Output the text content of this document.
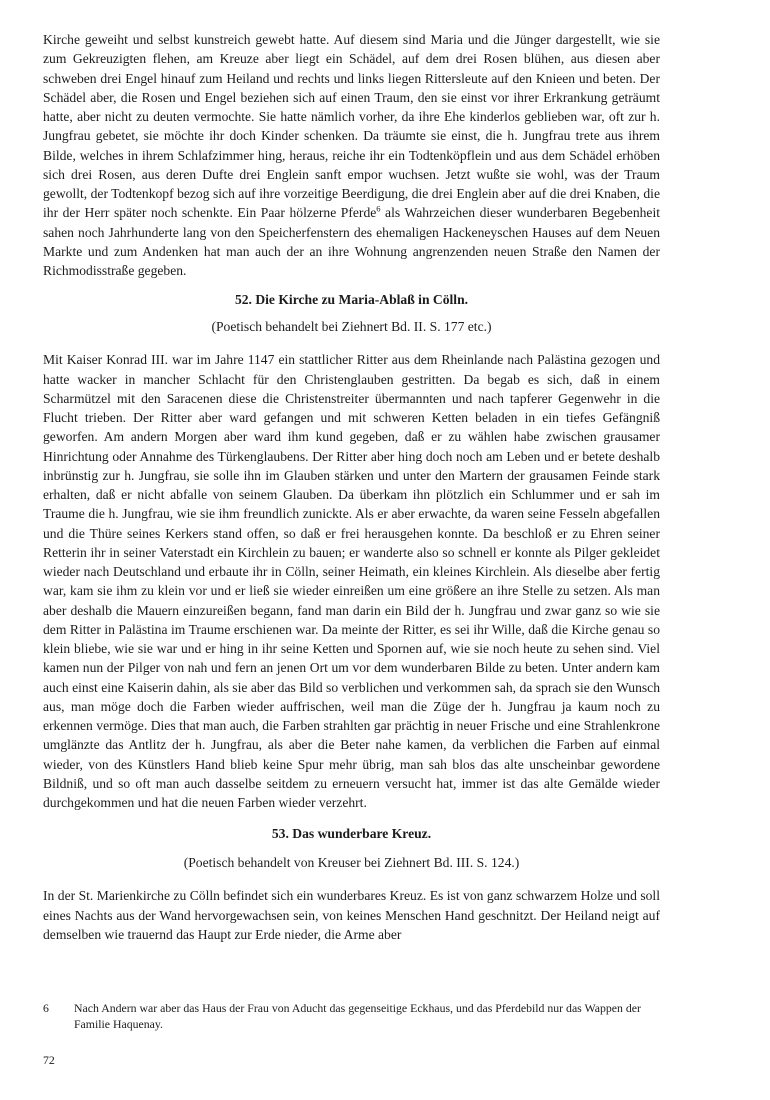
Kirche geweiht und selbst kunstreich gewebt hatte. Auf diesem sind Maria und die Jünger dargestellt, wie sie zum Gekreuzigten flehen, am Kreuze aber liegt ein Schädel, auf dem drei Rosen blühen, aus diesen aber schweben drei Engel hinauf zum Heiland und rechts und links liegen Rittersleute auf den Knieen und beten. Der Schädel aber, die Rosen und Engel beziehen sich auf einen Traum, den sie einst vor ihrer Erkrankung geträumt hatte, aber nicht zu deuten vermochte. Sie hatte nämlich vorher, da ihre Ehe kinderlos geblieben war, oft zur h. Jungfrau gebetet, sie möchte ihr doch Kinder schenken. Da träumte sie einst, die h. Jungfrau trete aus ihrem Bilde, welches in ihrem Schlafzimmer hing, heraus, reiche ihr ein Todtenköpflein und aus dem Schädel erhöben sich drei Rosen, aus deren Dufte drei Englein sanft empor wuchsen. Jetzt wußte sie wohl, was der Traum gewollt, der Todtenkopf bezog sich auf ihre vorzeitige Beerdigung, die drei Englein aber auf die drei Knaben, die ihr der Herr später noch schenkte. Ein Paar hölzerne Pferde$^6$ als Wahrzeichen dieser wunderbaren Begebenheit sahen noch Jahrhunderte lang von den Speicherfenstern des ehemaligen Hackeneyschen Hauses auf dem Neuen Markte und zum Andenken hat man auch der an ihre Wohnung angrenzenden neuen Straße den Namen der Richmodisstraße gegeben.

52. Die Kirche zu Maria-Ablaß in Cölln.

(Poetisch behandelt bei Ziehnert Bd. II. S. 177 etc.)

Mit Kaiser Konrad III. war im Jahre 1147 ein stattlicher Ritter aus dem Rheinlande nach Palästina gezogen und hatte wacker in mancher Schlacht für den Christenglauben gestritten. Da begab es sich, daß in einem Scharmützel mit den Saracenen diese die Christenstreiter übermannten und nach tapferer Gegenwehr in die Flucht trieben. Der Ritter aber ward gefangen und mit schweren Ketten beladen in ein tiefes Gefängniß geworfen. Am andern Morgen aber ward ihm kund gegeben, daß er zu wählen habe zwischen grausamer Hinrichtung oder Annahme des Türkenglaubens. Der Ritter aber hing doch noch am Leben und er betete deshalb inbrünstig zur h. Jungfrau, sie solle ihn im Glauben stärken und unter den Martern der grausamen Feinde stark erhalten, daß er nicht abfalle von seinem Glauben. Da überkam ihn plötzlich ein Schlummer und er sah im Traume die h. Jungfrau, wie sie ihm freundlich zunickte. Als er aber erwachte, da waren seine Fesseln abgefallen und die Thüre seines Kerkers stand offen, so daß er frei herausgehen konnte. Da beschloß er zu Ehren seiner Retterin ihr in seiner Vaterstadt ein Kirchlein zu bauen; er wanderte also so schnell er konnte als Pilger gekleidet wieder nach Deutschland und erbaute ihr in Cölln, seiner Heimath, ein kleines Kirchlein. Als dieselbe aber fertig war, kam sie ihm zu klein vor und er ließ sie wieder einreißen um eine größere an ihre Stelle zu setzen. Als man aber deshalb die Mauern einzureißen begann, fand man darin ein Bild der h. Jungfrau und zwar ganz so wie sie dem Ritter in Palästina im Traume erschienen war. Da meinte der Ritter, es sei ihr Wille, daß die Kirche genau so klein bliebe, wie sie war und er hing in ihr seine Ketten und Spornen auf, wie sie noch heute zu sehen sind. Viel kamen nun der Pilger von nah und fern an jenen Ort um vor dem wunderbaren Bilde zu beten. Unter andern kam auch einst eine Kaiserin dahin, als sie aber das Bild so verblichen und verkommen sah, da sprach sie den Wunsch aus, man möge doch die Farben wieder auffrischen, weil man die Züge der h. Jungfrau ja kaum noch zu erkennen vermöge. Dies that man auch, die Farben strahlten gar prächtig in neuer Frische und eine Strahlenkrone umglänzte das Antlitz der h. Jungfrau, als aber die Beter nahe kamen, da verblichen die Farben auf einmal wieder, von des Künstlers Hand blieb keine Spur mehr übrig, man sah blos das alte unscheinbar gewordene Bildniß, und so oft man auch dasselbe seitdem zu erneuern versucht hat, immer ist das alte Gemälde wieder durchgekommen und hat die neuen Farben wieder verzehrt.

53. Das wunderbare Kreuz.

(Poetisch behandelt von Kreuser bei Ziehnert Bd. III. S. 124.)

In der St. Marienkirche zu Cölln befindet sich ein wunderbares Kreuz. Es ist von ganz schwarzem Holze und soll eines Nachts aus der Wand hervorgewachsen sein, von keines Menschen Hand geschnitzt. Der Heiland neigt auf demselben wie trauernd das Haupt zur Erde nieder, die Arme aber

6	Nach Andern war aber das Haus der Frau von Aducht das gegenseitige Eckhaus, und das Pferdebild nur das Wappen der Familie Haquenay.
72
